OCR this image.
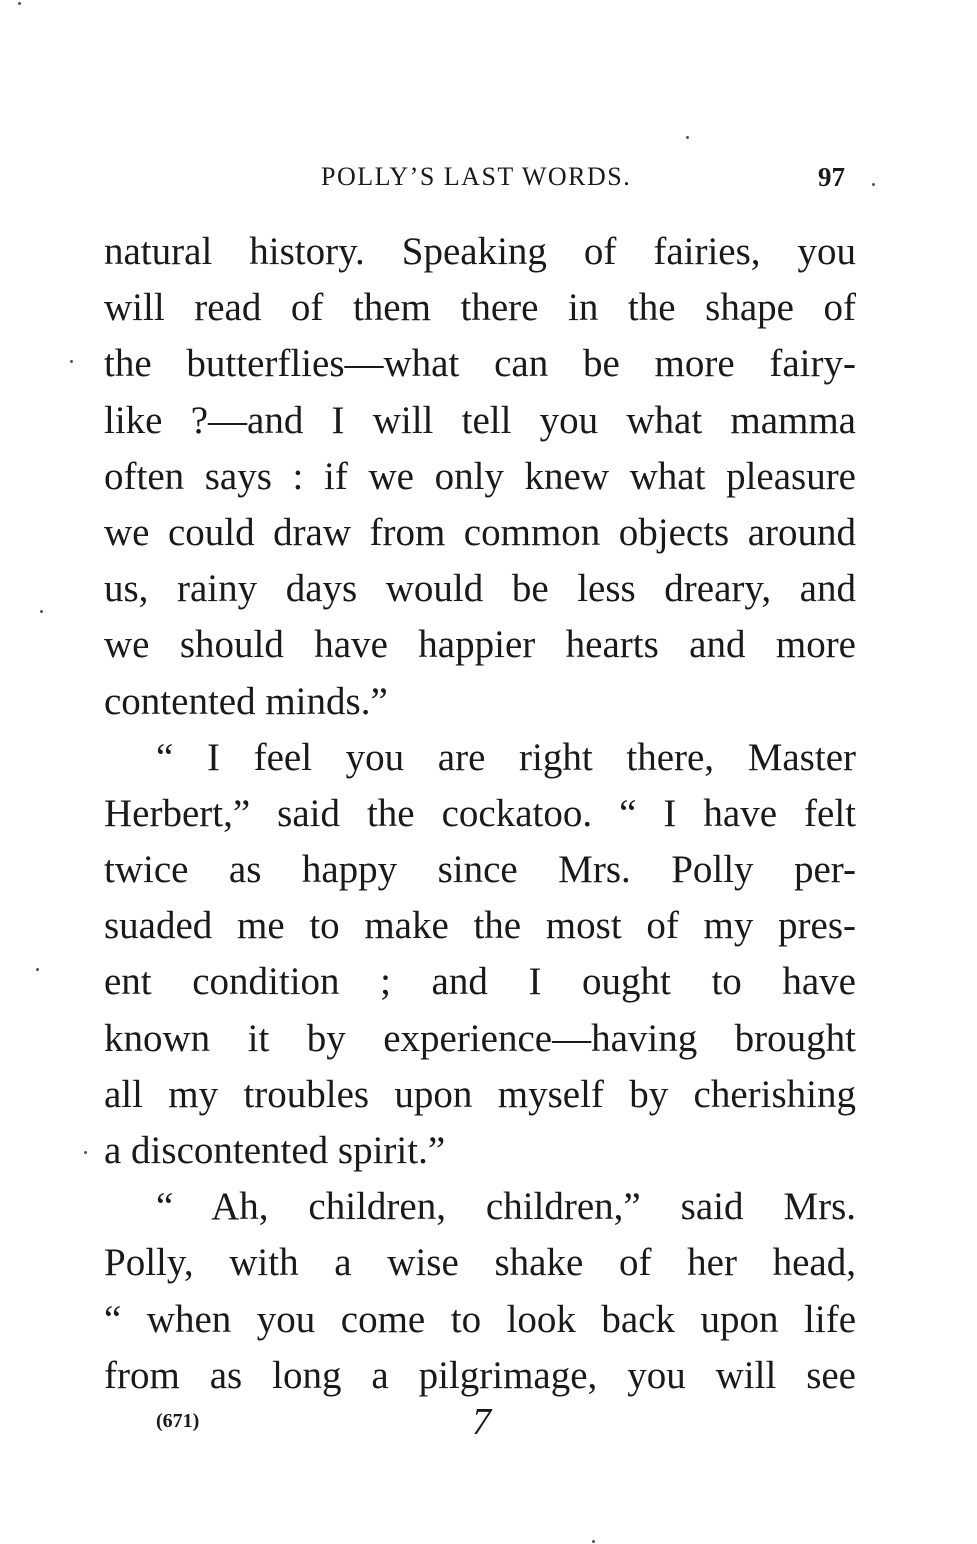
POLLY’S LAST WORDS.	97
natural history. Speaking of fairies, you
will read of them there in the shape of
the butterflies—what can be more fairy-
like ?—and I will tell you what mamma
often says : if we only knew what pleasure
we could draw from common objects around
us, rainy days would be less dreary, and
we should have happier hearts and more
contented minds.”
“ I feel you are right there, Master
Herbert,” said the cockatoo. “ I have felt
twice as happy since Mrs. Polly per-
suaded me to make the most of my pres-
ent condition ; and I ought to have
known it by experience—having brought
all my troubles upon myself by cherishing
a discontented spirit.”
“ Ah, children, children,” said Mrs.
Polly, with a wise shake of her head,
“ when you come to look back upon life
from as long a pilgrimage, you will see
(671)	7
